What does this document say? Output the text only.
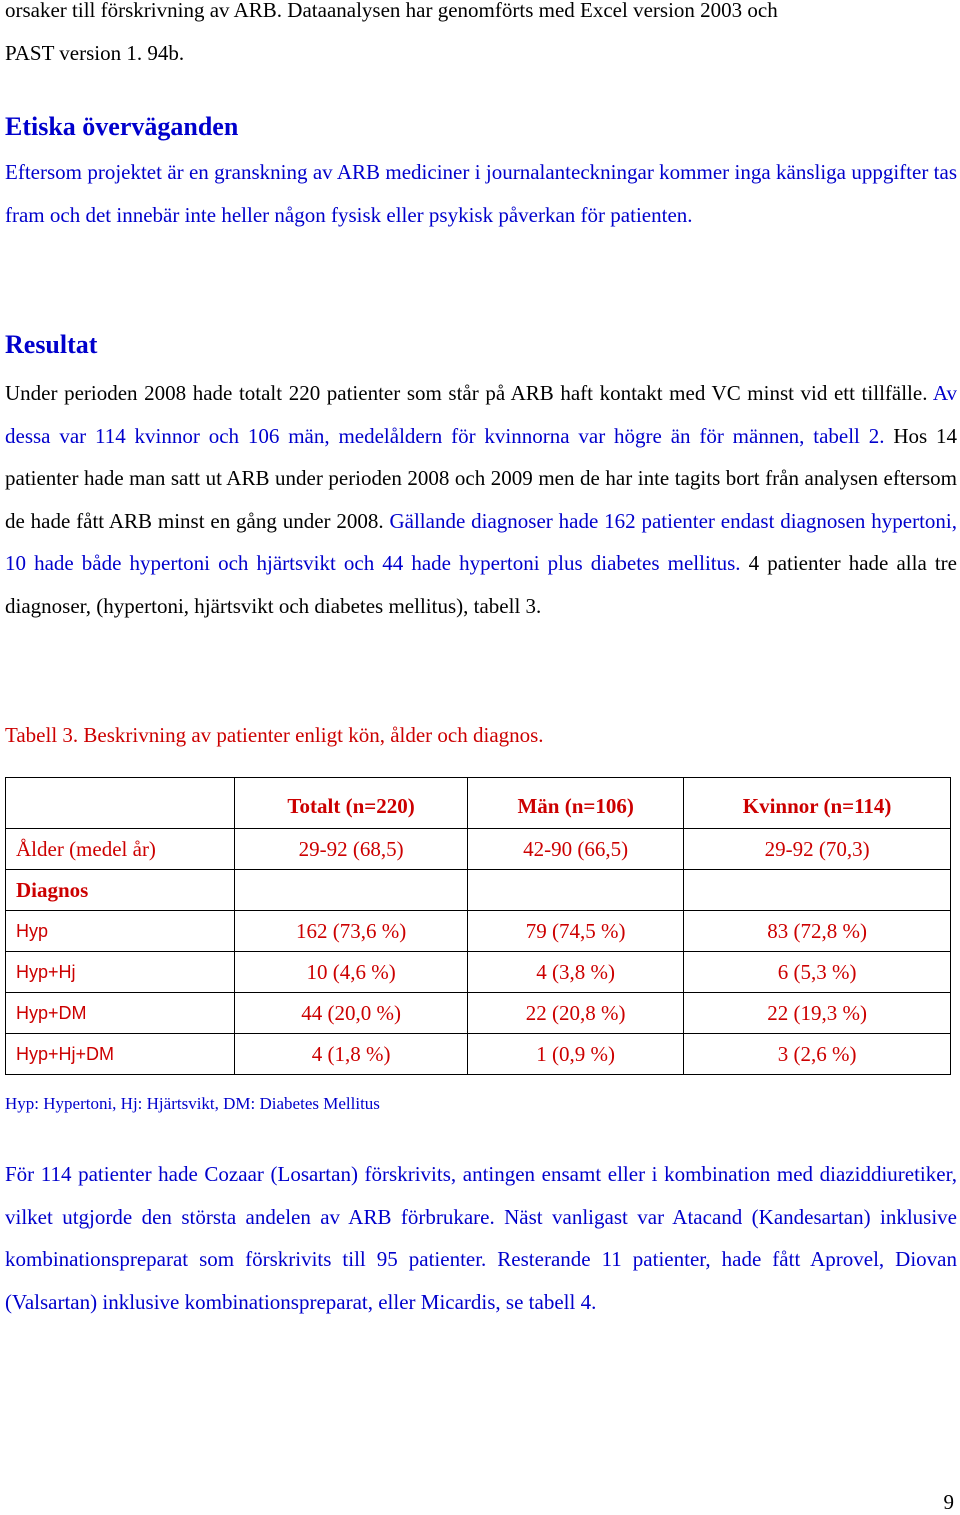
orsaker till förskrivning av ARB. Dataanalysen har genomförts med Excel version 2003 och
PAST version 1. 94b.

Etiska överväganden

Eftersom projektet är en granskning av ARB mediciner i journalanteckningar kommer inga känsliga uppgifter tas fram och det innebär inte heller någon fysisk eller psykisk påverkan för patienten.

Resultat

Under perioden 2008 hade totalt 220 patienter som står på ARB haft kontakt med VC minst vid ett tillfälle. Av dessa var 114 kvinnor och 106 män, medelåldern för kvinnorna var högre än för männen, tabell 2. Hos 14 patienter hade man satt ut ARB under perioden 2008 och 2009 men de har inte tagits bort från analysen eftersom de hade fått ARB minst en gång under 2008. Gällande diagnoser hade 162 patienter endast diagnosen hypertoni, 10 hade både hypertoni och hjärtsvikt och 44 hade hypertoni plus diabetes mellitus. 4 patienter hade alla tre diagnoser, (hypertoni, hjärtsvikt och diabetes mellitus), tabell 3.

Tabell 3. Beskrivning av patienter enligt kön, ålder och diagnos.

	Totalt (n=220)	Män (n=106)	Kvinnor (n=114)
Ålder (medel år)	29-92 (68,5)	42-90 (66,5)	29-92 (70,3)
Diagnos			
Hyp	162 (73,6 %)	79 (74,5 %)	83 (72,8 %)
Hyp+Hj	10 (4,6 %)	4 (3,8 %)	6 (5,3 %)
Hyp+DM	44 (20,0 %)	22 (20,8 %)	22 (19,3 %)
Hyp+Hj+DM	4 (1,8 %)	1 (0,9 %)	3 (2,6 %)

Hyp: Hypertoni, Hj: Hjärtsvikt, DM: Diabetes Mellitus

För 114 patienter hade Cozaar (Losartan) förskrivits, antingen ensamt eller i kombination med diaziddiuretiker, vilket utgjorde den största andelen av ARB förbrukare. Näst vanligast var Atacand (Kandesartan) inklusive kombinationspreparat som förskrivits till 95 patienter. Resterande 11 patienter, hade fått Aprovel, Diovan (Valsartan) inklusive kombinationspreparat, eller Micardis, se tabell 4.

9
